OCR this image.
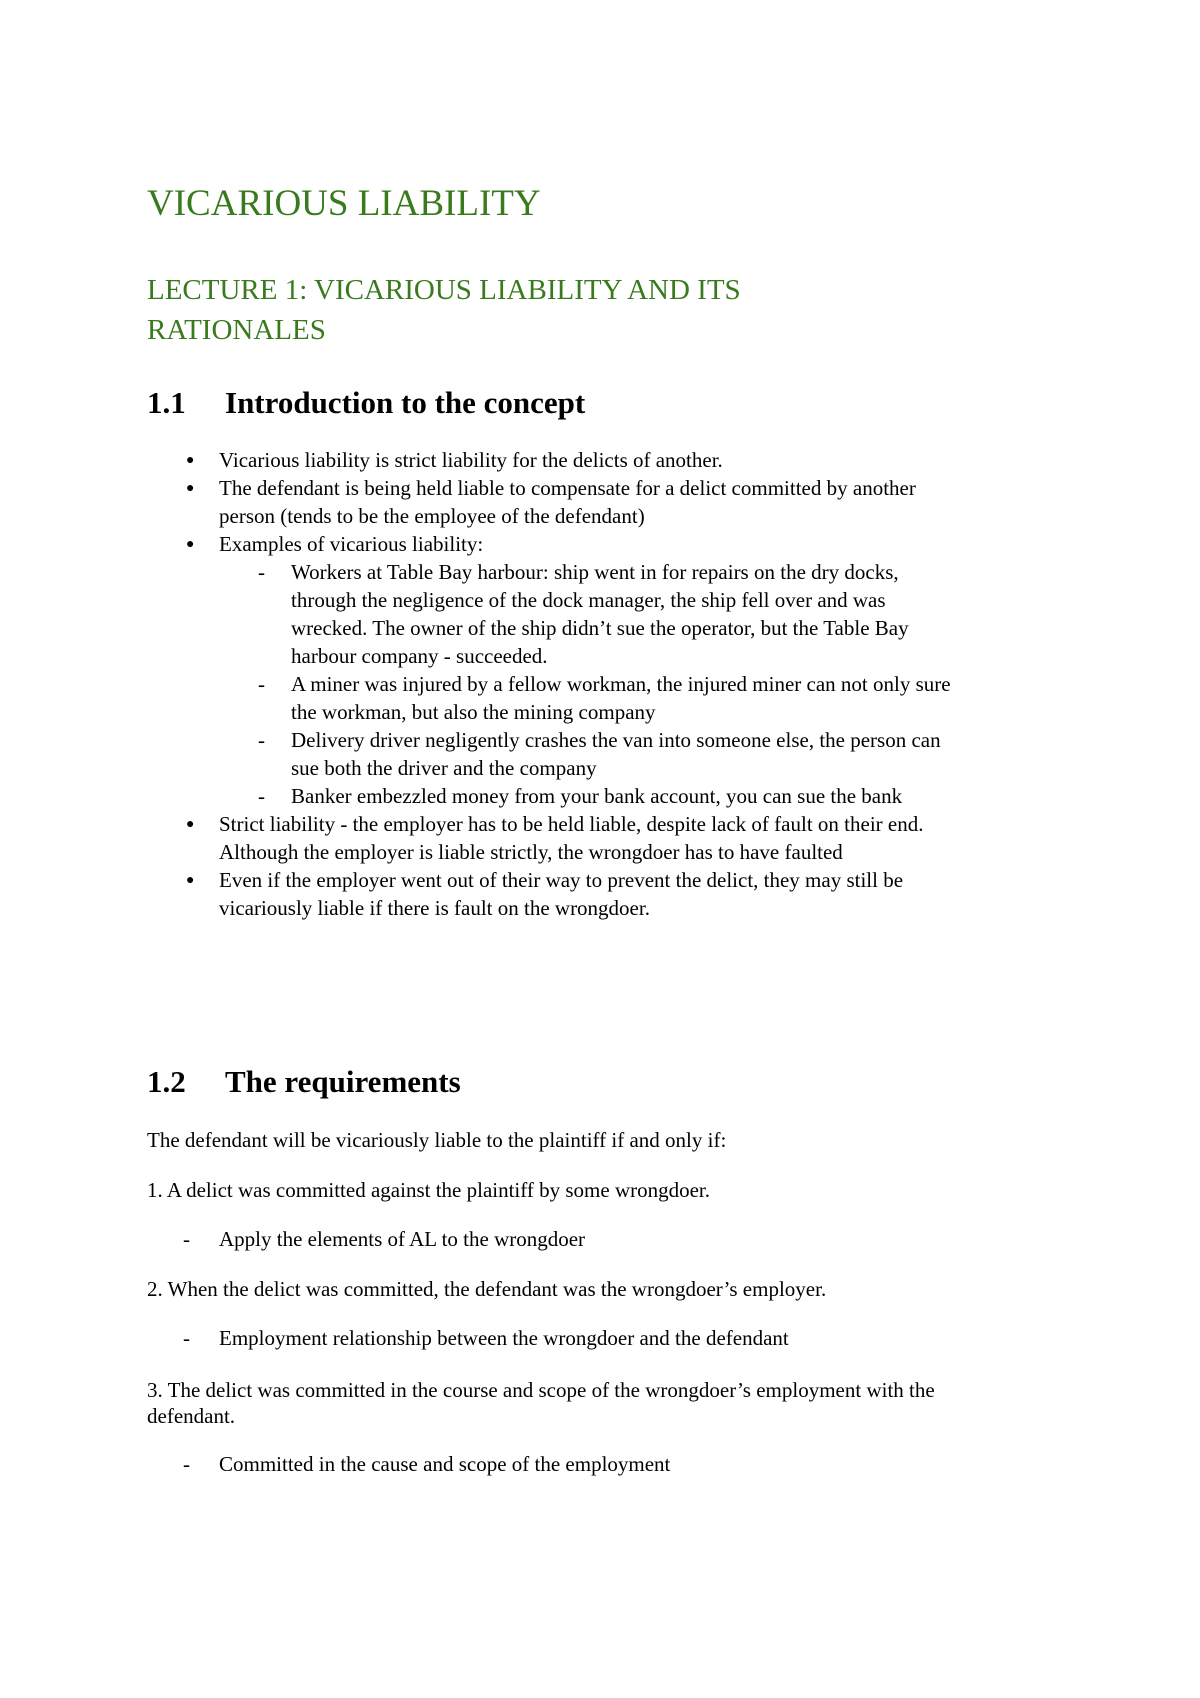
VICARIOUS LIABILITY
LECTURE 1: VICARIOUS LIABILITY AND ITS
RATIONALES
1.1 Introduction to the concept
● Vicarious liability is strict liability for the delicts of another.
● The defendant is being held liable to compensate for a delict committed by another
person (tends to be the employee of the defendant)
● Examples of vicarious liability:
- Workers at Table Bay harbour: ship went in for repairs on the dry docks,
through the negligence of the dock manager, the ship fell over and was
wrecked. The owner of the ship didn’t sue the operator, but the Table Bay
harbour company - succeeded.
- A miner was injured by a fellow workman, the injured miner can not only sure
the workman, but also the mining company
- Delivery driver negligently crashes the van into someone else, the person can
sue both the driver and the company
- Banker embezzled money from your bank account, you can sue the bank
● Strict liability - the employer has to be held liable, despite lack of fault on their end.
Although the employer is liable strictly, the wrongdoer has to have faulted
● Even if the employer went out of their way to prevent the delict, they may still be
vicariously liable if there is fault on the wrongdoer.
1.2 The requirements
The defendant will be vicariously liable to the plaintiff if and only if:
1. A delict was committed against the plaintiff by some wrongdoer.
- Apply the elements of AL to the wrongdoer
2. When the delict was committed, the defendant was the wrongdoer’s employer.
- Employment relationship between the wrongdoer and the defendant
3. The delict was committed in the course and scope of the wrongdoer’s employment with the
defendant.
- Committed in the cause and scope of the employment
